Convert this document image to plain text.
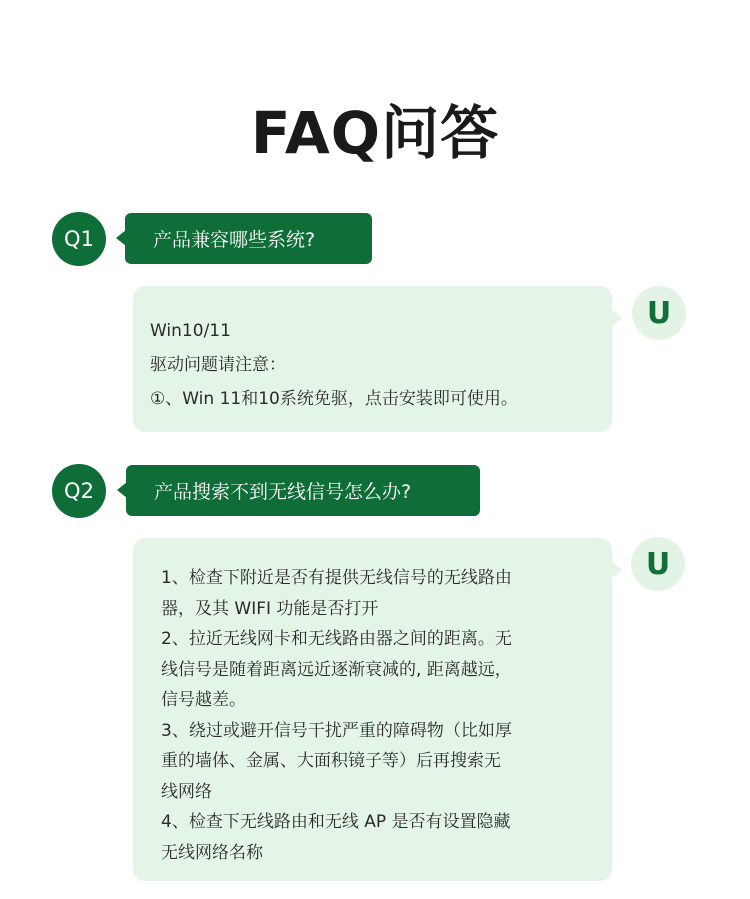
FAQ问答
Q1	产品兼容哪些系统?
U

Win10/11

驱动问题请注意：

①、Win 11和10系统免驱，点击安装即可使用。

Q2	产品搜索不到无线信号怎么办?
U

1、检查下附近是否有提供无线信号的无线路由

器，及其 WIFI 功能是否打开

2、拉近无线网卡和无线路由器之间的距离。无

线信号是随着距离远近逐渐衰减的, 距离越远，

信号越差。

3、绕过或避开信号干扰严重的障碍物（比如厚

重的墙体、金属、大面积镜子等）后再搜索无

线网络

4、检查下无线路由和无线 AP 是否有设置隐藏

无线网络名称
